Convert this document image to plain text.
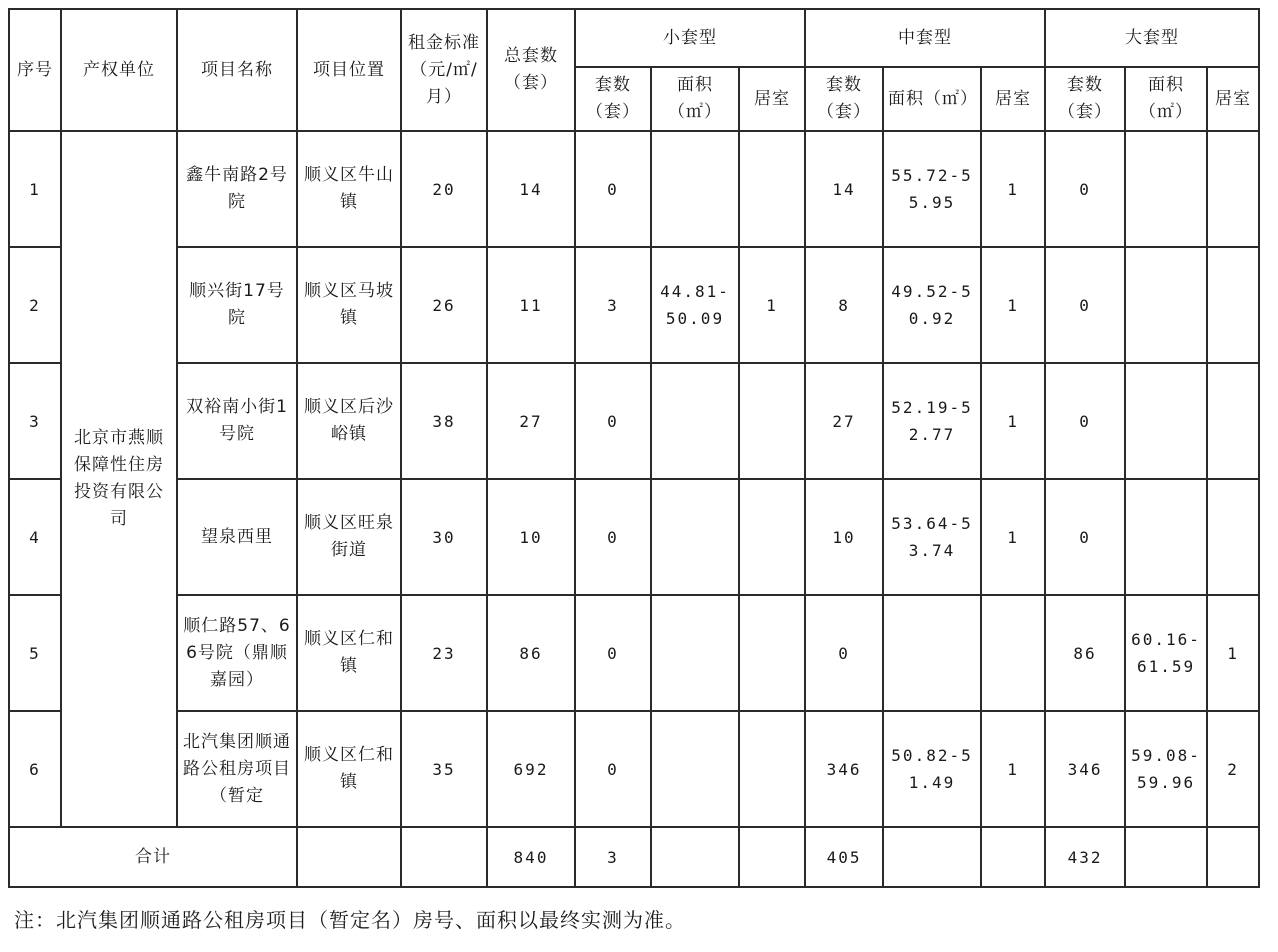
序号	产权单位	项目名称	项目位置	租金标准（元/㎡/月）	总套数（套）	小套型			中套型			大套型		
						套数（套）	面积（㎡）	居室	套数（套）	面积（㎡）	居室	套数（套）	面积（㎡）	居室
1	北京市燕顺保障性住房投资有限公司	鑫牛南路2号院	顺义区牛山镇	20	14	0			14	55.72-55.95	1	0		
2		顺兴街17号院	顺义区马坡镇	26	11	3	44.81-50.09	1	8	49.52-50.92	1	0		
3		双裕南小街1号院	顺义区后沙峪镇	38	27	0			27	52.19-52.77	1	0		
4		望泉西里	顺义区旺泉街道	30	10	0			10	53.64-53.74	1	0		
5		顺仁路57、66号院（鼎顺嘉园）	顺义区仁和镇	23	86	0			0			86	60.16-61.59	1
6		北汽集团顺通路公租房项目（暂定	顺义区仁和镇	35	692	0			346	50.82-51.49	1	346	59.08-59.96	2
合计					840	3			405			432		
注：北汽集团顺通路公租房项目（暂定名）房号、面积以最终实测为准。
